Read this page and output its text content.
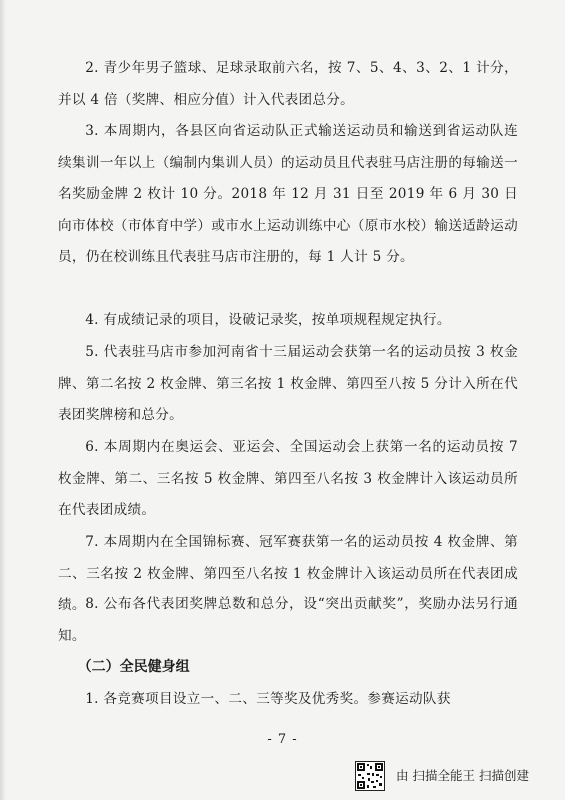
2. 青少年男子篮球、足球录取前六名，按 7、5、4、3、2、1 计分，并以 4 倍（奖牌、相应分值）计入代表团总分。

3. 本周期内，各县区向省运动队正式输送运动员和输送到省运动队连续集训一年以上（编制内集训人员）的运动员且代表驻马店注册的每输送一名奖励金牌 2 枚计 10 分。2018 年 12 月 31 日至 2019 年 6 月 30 日向市体校（市体育中学）或市水上运动训练中心（原市水校）输送适龄运动员，仍在校训练且代表驻马店市注册的，每 1 人计 5 分。

4. 有成绩记录的项目，设破记录奖，按单项规程规定执行。

5. 代表驻马店市参加河南省十三届运动会获第一名的运动员按 3 枚金牌、第二名按 2 枚金牌、第三名按 1 枚金牌、第四至八按 5 分计入所在代表团奖牌榜和总分。

6. 本周期内在奥运会、亚运会、全国运动会上获第一名的运动员按 7 枚金牌、第二、三名按 5 枚金牌、第四至八名按 3 枚金牌计入该运动员所在代表团成绩。

7. 本周期内在全国锦标赛、冠军赛获第一名的运动员按 4 枚金牌、第二、三名按 2 枚金牌、第四至八名按 1 枚金牌计入该运动员所在代表团成绩。 8. 公布各代表团奖牌总数和总分，设“突出贡献奖”，奖励办法另行通知。

（二）全民健身组

1. 各竞赛项目设立一、二、三等奖及优秀奖。参赛运动队获

- 7 -
由 扫描全能王 扫描创建
